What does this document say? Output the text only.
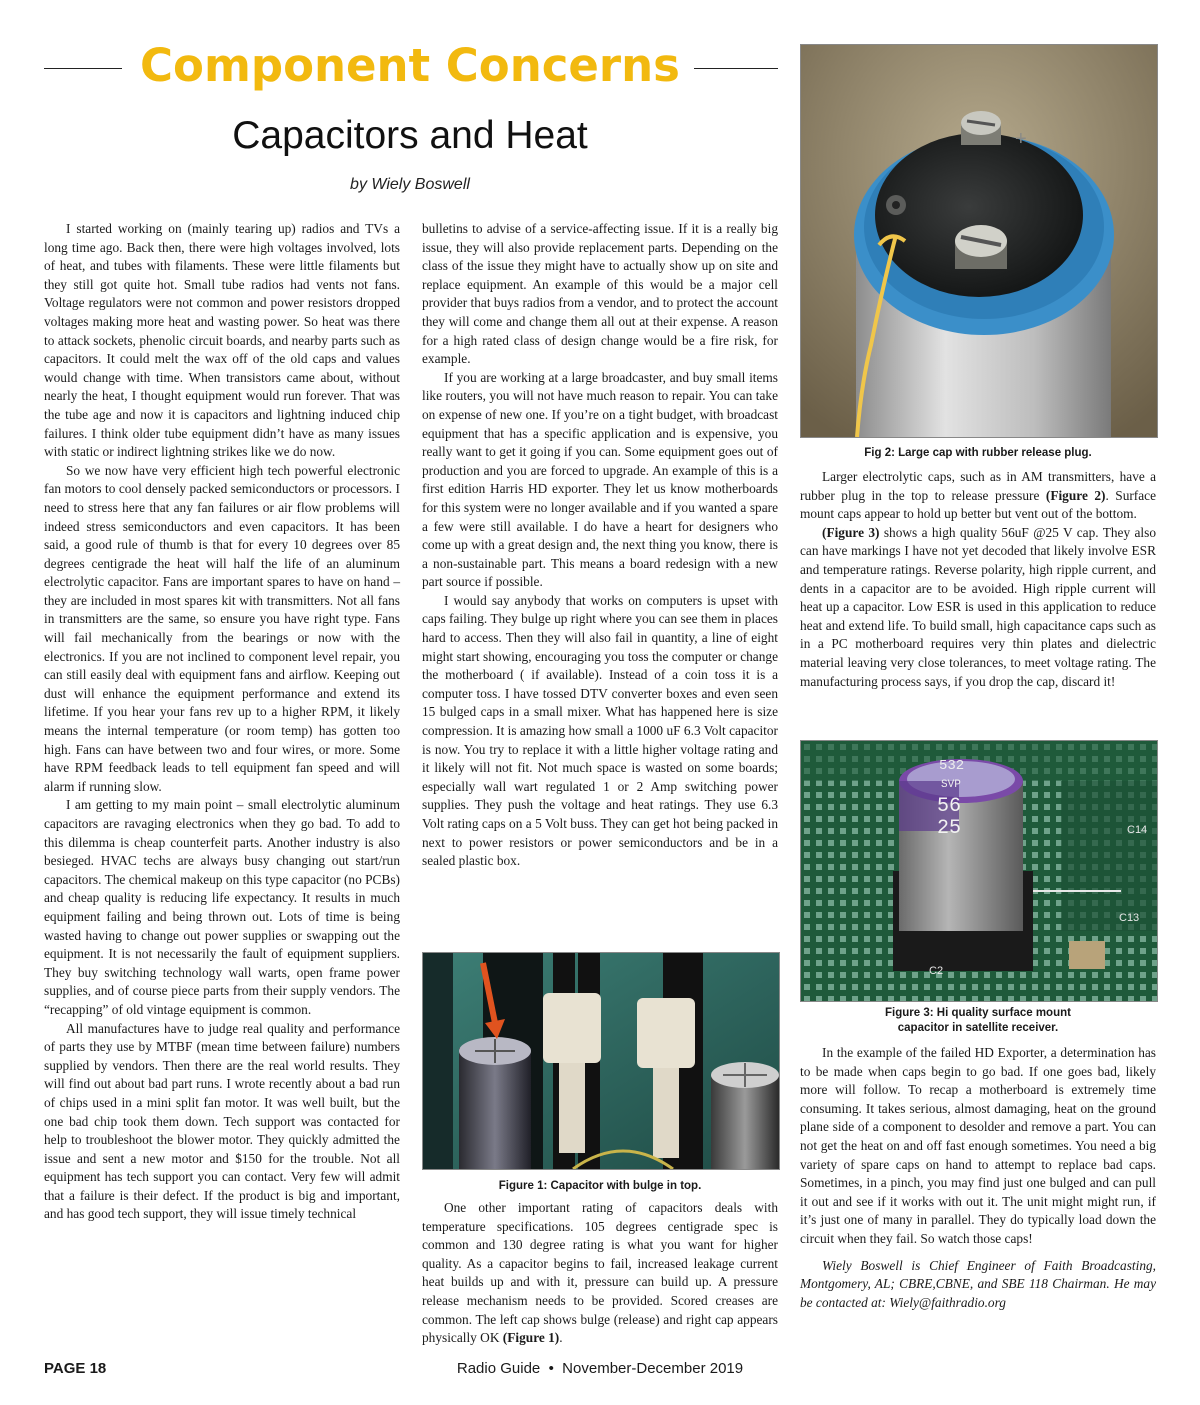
Component Concerns
Capacitors and Heat
by Wiely Boswell

I started working on (mainly tearing up) radios and TVs a long time ago. Back then, there were high voltages involved, lots of heat, and tubes with filaments. These were little filaments but they still got quite hot. Small tube radios had vents not fans. Voltage regulators were not common and power resistors dropped voltages making more heat and wasting power. So heat was there to attack sockets, phenolic circuit boards, and nearby parts such as capacitors. It could melt the wax off of the old caps and values would change with time. When transistors came about, without nearly the heat, I thought equipment would run forever. That was the tube age and now it is capacitors and lightning induced chip failures. I think older tube equipment didn’t have as many issues with static or indirect lightning strikes like we do now.

So we now have very efficient high tech powerful electronic fan motors to cool densely packed semiconductors or processors. I need to stress here that any fan failures or air flow problems will indeed stress semiconductors and even capacitors. It has been said, a good rule of thumb is that for every 10 degrees over 85 degrees centigrade the heat will half the life of an aluminum electrolytic capacitor. Fans are important spares to have on hand – they are included in most spares kit with transmitters. Not all fans in transmitters are the same, so ensure you have right type. Fans will fail mechanically from the bearings or now with the electronics. If you are not inclined to component level repair, you can still easily deal with equipment fans and airflow. Keeping out dust will enhance the equipment performance and extend its lifetime. If you hear your fans rev up to a higher RPM, it likely means the internal temperature (or room temp) has gotten too high. Fans can have between two and four wires, or more. Some have RPM feedback leads to tell equipment fan speed and will alarm if running slow.

I am getting to my main point – small electrolytic aluminum capacitors are ravaging electronics when they go bad. To add to this dilemma is cheap counterfeit parts. Another industry is also besieged. HVAC techs are always busy changing out start/run capacitors. The chemical makeup on this type capacitor (no PCBs) and cheap quality is reducing life expectancy. It results in much equipment failing and being thrown out. Lots of time is being wasted having to change out power supplies or swapping out the equipment. It is not necessarily the fault of equipment suppliers. They buy switching technology wall warts, open frame power supplies, and of course piece parts from their supply vendors. The “recapping” of old vintage equipment is common.

All manufactures have to judge real quality and performance of parts they use by MTBF (mean time between failure) numbers supplied by vendors. Then there are the real world results. They will find out about bad part runs. I wrote recently about a bad run of chips used in a mini split fan motor. It was well built, but the one bad chip took them down. Tech support was contacted for help to troubleshoot the blower motor. They quickly admitted the issue and sent a new motor and $150 for the trouble. Not all equipment has tech support you can contact. Very few will admit that a failure is their defect. If the product is big and important, and has good tech support, they will issue timely technical

bulletins to advise of a service-affecting issue. If it is a really big issue, they will also provide replacement parts. Depending on the class of the issue they might have to actually show up on site and replace equipment. An example of this would be a major cell provider that buys radios from a vendor, and to protect the account they will come and change them all out at their expense. A reason for a high rated class of design change would be a fire risk, for example.

If you are working at a large broadcaster, and buy small items like routers, you will not have much reason to repair. You can take on expense of new one. If you’re on a tight budget, with broadcast equipment that has a specific application and is expensive, you really want to get it going if you can. Some equipment goes out of production and you are forced to upgrade. An example of this is a first edition Harris HD exporter. They let us know motherboards for this system were no longer available and if you wanted a spare a few were still available. I do have a heart for designers who come up with a great design and, the next thing you know, there is a non-sustainable part. This means a board redesign with a new part source if possible.

I would say anybody that works on computers is upset with caps failing. They bulge up right where you can see them in places hard to access. Then they will also fail in quantity, a line of eight might start showing, encouraging you toss the computer or change the motherboard ( if available). Instead of a coin toss it is a computer toss. I have tossed DTV converter boxes and even seen 15 bulged caps in a small mixer. What has happened here is size compression. It is amazing how small a 1000 uF 6.3 Volt capacitor is now. You try to replace it with a little higher voltage rating and it likely will not fit. Not much space is wasted on some boards; especially wall wart regulated 1 or 2 Amp switching power supplies. They push the voltage and heat ratings. They use 6.3 Volt rating caps on a 5 Volt buss. They can get hot being packed in next to power resistors or power semiconductors and be in a sealed plastic box.

Figure 1: Capacitor with bulge in top.

One other important rating of capacitors deals with temperature specifications. 105 degrees centigrade spec is common and 130 degree rating is what you want for higher quality. As a capacitor begins to fail, increased leakage current heat builds up and with it, pressure can build up. A pressure release mechanism needs to be provided. Scored creases are common. The left cap shows bulge (release) and right cap appears physically OK (Figure 1).

+
Fig 2: Large cap with rubber release plug.

Larger electrolytic caps, such as in AM transmitters, have a rubber plug in the top to release pressure (Figure 2). Surface mount caps appear to hold up better but vent out of the bottom.

(Figure 3) shows a high quality 56uF @25 V cap. They also can have markings I have not yet decoded that likely involve ESR and temperature ratings. Reverse polarity, high ripple current, and dents in a capacitor are to be avoided. High ripple current will heat up a capacitor. Low ESR is used in this application to reduce heat and extend life. To build small, high capacitance caps such as in a PC motherboard requires very thin plates and dielectric material leaving very close tolerances, to meet voltage rating. The manufacturing process says, if you drop the cap, discard it!

532
SVP
56
25
C13
C2
C14
Figure 3: Hi quality surface mount
capacitor in satellite receiver.

In the example of the failed HD Exporter, a determination has to be made when caps begin to go bad. If one goes bad, likely more will follow. To recap a motherboard is extremely time consuming. It takes serious, almost damaging, heat on the ground plane side of a component to desolder and remove a part. You can not get the heat on and off fast enough sometimes. You need a big variety of spare caps on hand to attempt to replace bad caps. Sometimes, in a pinch, you may find just one bulged and can pull it out and see if it works with out it. The unit might might run, if it’s just one of many in parallel. They do typically load down the circuit when they fail. So watch those caps!

Wiely Boswell is Chief Engineer of Faith Broadcasting, Montgomery, AL; CBRE,CBNE, and SBE 118 Chairman. He may be contacted at: Wiely@faithradio.org

PAGE 18	Radio Guide  •  November-December 2019
